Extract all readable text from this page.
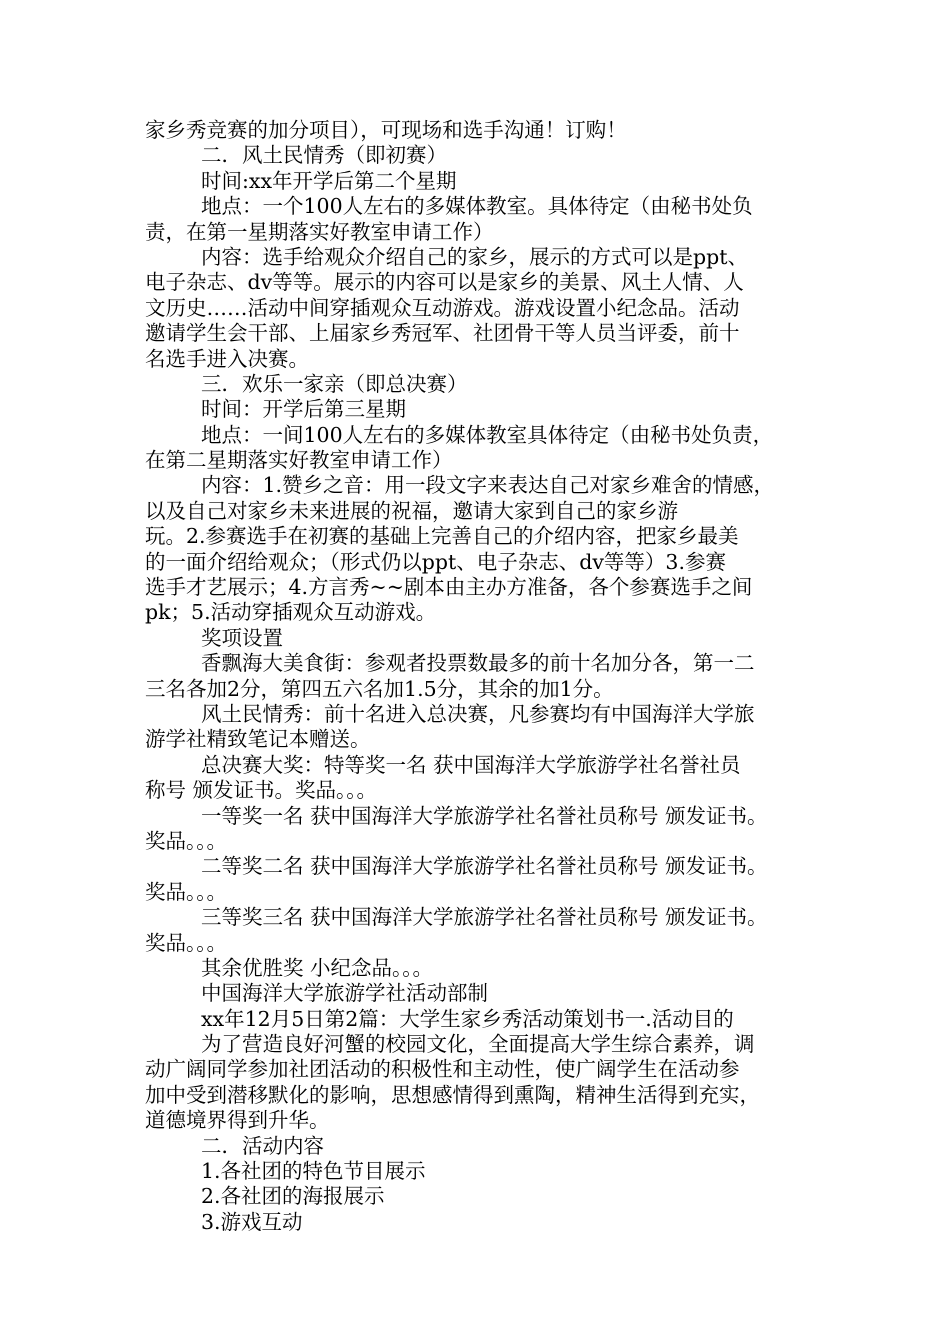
家乡秀竞赛的加分项目），可现场和选手沟通！订购！
二．风土民情秀（即初赛）
时间:xx年开学后第二个星期
地点：一个100人左右的多媒体教室。具体待定（由秘书处负
责，在第一星期落实好教室申请工作）
内容：选手给观众介绍自己的家乡，展示的方式可以是ppt、
电子杂志、dv等等。展示的内容可以是家乡的美景、风土人情、人
文历史……活动中间穿插观众互动游戏。游戏设置小纪念品。活动
邀请学生会干部、上届家乡秀冠军、社团骨干等人员当评委，前十
名选手进入决赛。
三．欢乐一家亲（即总决赛）
时间：开学后第三星期
地点：一间100人左右的多媒体教室具体待定（由秘书处负责，
在第二星期落实好教室申请工作）
内容：1.赞乡之音：用一段文字来表达自己对家乡难舍的情感，
以及自己对家乡未来进展的祝福，邀请大家到自己的家乡游
玩。2.参赛选手在初赛的基础上完善自己的介绍内容，把家乡最美
的一面介绍给观众；（形式仍以ppt、电子杂志、dv等等）3.参赛
选手才艺展示；4.方言秀~~剧本由主办方准备，各个参赛选手之间
pk；5.活动穿插观众互动游戏。
奖项设置
香飘海大美食街：参观者投票数最多的前十名加分各，第一二
三名各加2分，第四五六名加1.5分，其余的加1分。
风土民情秀：前十名进入总决赛，凡参赛均有中国海洋大学旅
游学社精致笔记本赠送。
总决赛大奖：特等奖一名 获中国海洋大学旅游学社名誉社员
称号 颁发证书。奖品。。。
一等奖一名 获中国海洋大学旅游学社名誉社员称号 颁发证书。
奖品。。。
二等奖二名 获中国海洋大学旅游学社名誉社员称号 颁发证书。
奖品。。。
三等奖三名 获中国海洋大学旅游学社名誉社员称号 颁发证书。
奖品。。。
其余优胜奖 小纪念品。。。
中国海洋大学旅游学社活动部制
xx年12月5日第2篇：大学生家乡秀活动策划书一.活动目的
为了营造良好河蟹的校园文化，全面提高大学生综合素养，调
动广阔同学参加社团活动的积极性和主动性，使广阔学生在活动参
加中受到潜移默化的影响，思想感情得到熏陶，精神生活得到充实，
道德境界得到升华。
二．活动内容
1.各社团的特色节目展示
2.各社团的海报展示
3.游戏互动
